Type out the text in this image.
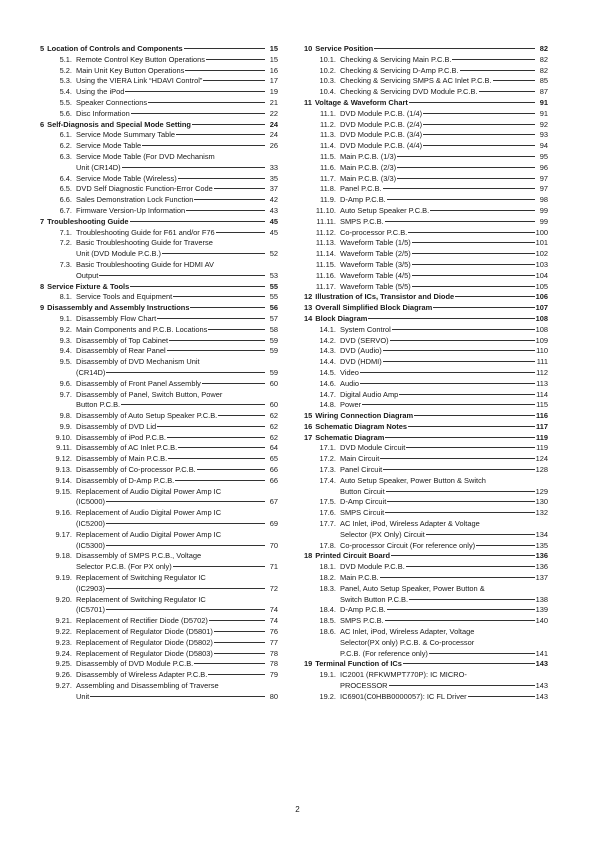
5 Location of Controls and Components	15
5.1. Remote Control Key Button Operations	15
5.2. Main Unit Key Button Operations	16
5.3. Using the VIERA Link “HDAVI Control”	17
5.4. Using the iPod	19
5.5. Speaker Connections	21
5.6. Disc Information	22
6 Self-Diagnosis and Special Mode Setting	24
6.1. Service Mode Summary Table	24
6.2. Service Mode Table	26
6.3. Service Mode Table (For DVD Mechanism
Unit (CR14D)	33
6.4. Service Mode Table (Wireless)	35
6.5. DVD Self Diagnostic Function-Error Code	37
6.6. Sales Demonstration Lock Function	42
6.7. Firmware Version-Up Information	43
7 Troubleshooting Guide	45
7.1. Troubleshooting Guide for F61 and/or F76	45
7.2. Basic Troubleshooting Guide for Traverse
Unit (DVD Module P.C.B.)	52
7.3. Basic Troubleshooting Guide for HDMI AV
Output	53
8 Service Fixture & Tools	55
8.1. Service Tools and Equipment	55
9 Disassembly and Assembly Instructions	56
9.1. Disassembly Flow Chart	57
9.2. Main Components and P.C.B. Locations	58
9.3. Disassembly of Top Cabinet	59
9.4. Disassembly of Rear Panel	59
9.5. Disassembly of DVD Mechanism Unit
(CR14D)	59
9.6. Disassembly of Front Panel Assembly	60
9.7. Disassembly of Panel, Switch Button, Power
Button P.C.B.	60
9.8. Disassembly of Auto Setup Speaker P.C.B.	62
9.9. Disassembly of DVD Lid	62
9.10. Disassembly of iPod P.C.B.	62
9.11. Disassembly of AC Inlet P.C.B.	64
9.12. Disassembly of Main P.C.B.	65
9.13. Disassembly of Co-processor P.C.B.	66
9.14. Disassembly of D-Amp P.C.B.	66
9.15. Replacement of Audio Digital Power Amp IC
(IC5000)	67
9.16. Replacement of Audio Digital Power Amp IC
(IC5200)	69
9.17. Replacement of Audio Digital Power Amp IC
(IC5300)	70
9.18. Disassembly of SMPS P.C.B., Voltage
Selector P.C.B. (For PX only)	71
9.19. Replacement of Switching Regulator IC
(IC2903)	72
9.20. Replacement of Switching Regulator IC
(IC5701)	74
9.21. Replacement of Rectifier Diode (D5702)	74
9.22. Replacement of Regulator Diode (D5801)	76
9.23. Replacement of Regulator Diode (D5802)	77
9.24. Replacement of Regulator Diode (D5803)	78
9.25. Disassembly of DVD Module P.C.B.	78
9.26. Disassembly of Wireless Adapter P.C.B.	79
9.27. Assembling and Disassembling of Traverse
Unit	80
10 Service Position	82
10.1. Checking & Servicing Main P.C.B.	82
10.2. Checking & Servicing D-Amp P.C.B.	82
10.3. Checking & Servicing SMPS & AC Inlet P.C.B.	85
10.4. Checking & Servicing DVD Module P.C.B.	87
11 Voltage & Waveform Chart	91
11.1. DVD Module P.C.B. (1/4)	91
11.2. DVD Module P.C.B. (2/4)	92
11.3. DVD Module P.C.B. (3/4)	93
11.4. DVD Module P.C.B. (4/4)	94
11.5. Main P.C.B. (1/3)	95
11.6. Main P.C.B. (2/3)	96
11.7. Main P.C.B. (3/3)	97
11.8. Panel P.C.B.	97
11.9. D-Amp P.C.B.	98
11.10. Auto Setup Speaker P.C.B.	99
11.11. SMPS P.C.B.	99
11.12. Co-processor P.C.B.	100
11.13. Waveform Table (1/5)	101
11.14. Waveform Table (2/5)	102
11.15. Waveform Table (3/5)	103
11.16. Waveform Table (4/5)	104
11.17. Waveform Table (5/5)	105
12 Illustration of ICs, Transistor and Diode	106
13 Overall Simplified Block Diagram	107
14 Block Diagram	108
14.1. System Control	108
14.2. DVD (SERVO)	109
14.3. DVD (Audio)	110
14.4. DVD (HDMI)	111
14.5. Video	112
14.6. Audio	113
14.7. Digital Audio Amp	114
14.8. Power	115
15 Wiring Connection Diagram	116
16 Schematic Diagram Notes	117
17 Schematic Diagram	119
17.1. DVD Module Circuit	119
17.2. Main Circuit	124
17.3. Panel Circuit	128
17.4. Auto Setup Speaker, Power Button & Switch
Button Circuit	129
17.5. D-Amp Circuit	130
17.6. SMPS Circuit	132
17.7. AC Inlet, iPod, Wireless Adapter & Voltage
Selector (PX Only) Circuit	134
17.8. Co-processor Circuit (For reference only)	135
18 Printed Circuit Board	136
18.1. DVD Module P.C.B.	136
18.2. Main P.C.B.	137
18.3. Panel, Auto Setup Speaker, Power Button &
Switch Button P.C.B.	138
18.4. D-Amp P.C.B.	139
18.5. SMPS P.C.B.	140
18.6. AC Inlet, iPod, Wireless Adapter, Voltage
Selector(PX only) P.C.B. & Co-processor
P.C.B. (For reference only)	141
19 Terminal Function of ICs	143
19.1. IC2001 (RFKWMPT770P): IC MICRO-
PROCESSOR	143
19.2. IC6901(C0HBB0000057): IC FL Driver	143
2
